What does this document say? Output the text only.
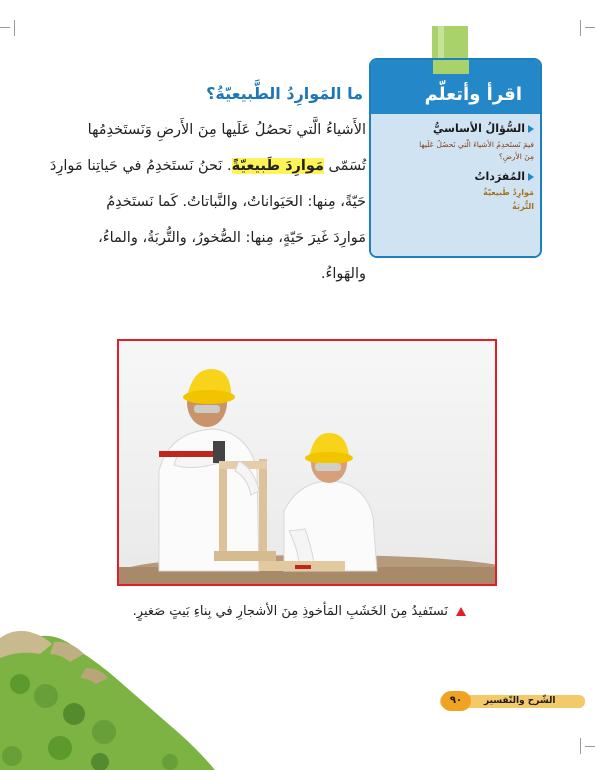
اقرأ وأتعلّم
السُّؤالُ الأساسيُّ
فيمَ نَستَخدِمُ الأشياءَ الّتي نَحصُلُ عَلَيها
مِنَ الأرضِ؟
المُفرَداتُ
مَوارِدُ طَبيعيّةٌ
التُّربَةُ
ما المَوارِدُ الطَّبيعيّةُ؟
الأَشياءُ الَّتي نَحصُلُ عَلَيها مِنَ الأَرضِ وَنَستَخدِمُها
تُسَمّى مَوارِدَ طَبيعيّةً. نَحنُ نَستَخدِمُ في حَياتِنا مَوارِدَ
حَيّةً، مِنها: الحَيَواناتُ، والنَّباتاتُ. كَما نَستَخدِمُ
مَوارِدَ غَيرَ حَيّةٍ، مِنها: الصُّخورُ، والتُّربَةُ، والماءُ،
والهَواءُ.
نَستَفيدُ مِنَ الخَشَبِ المَأخوذِ مِنَ الأشجارِ في بِناءِ بَيتٍ صَغيرٍ.
الشّرح والتّفسير
٩٠
